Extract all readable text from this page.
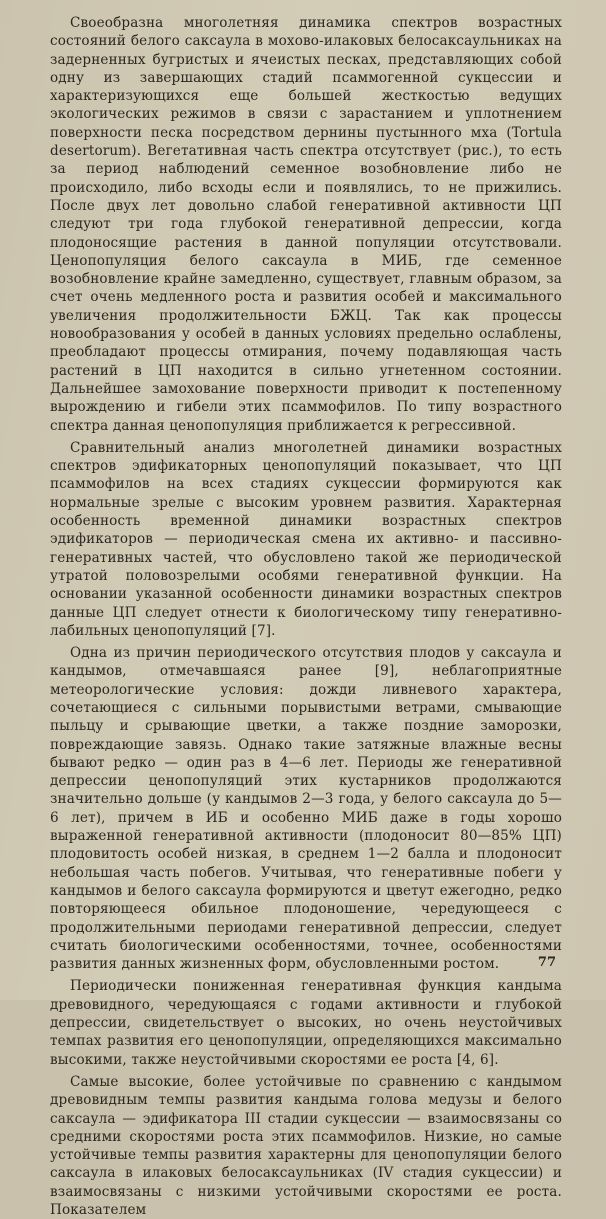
Своеобразна многолетняя динамика спектров возрастных состояний белого саксаула в мохово-илаковых белосаксаульниках на задерненных бугристых и ячеистых песках, представляющих собой одну из завершающих стадий псаммогенной сукцессии и характеризующихся еще большей жесткостью ведущих экологических режимов в связи с зарастанием и уплотнением поверхности песка посредством дернины пустынного мха (Tortula desertorum). Вегетативная часть спектра отсутствует (рис.), то есть за период наблюдений семенное возобновление либо не происходило, либо всходы если и появлялись, то не прижились. После двух лет довольно слабой генеративной активности ЦП следуют три года глубокой генеративной депрессии, когда плодоносящие растения в данной популяции отсутствовали. Ценопопуляция белого саксаула в МИБ, где семенное возобновление крайне замедленно, существует, главным образом, за счет очень медленного роста и развития особей и максимального увеличения продолжительности БЖЦ. Так как процессы новообразования у особей в данных условиях предельно ослаблены, преобладают процессы отмирания, почему подавляющая часть растений в ЦП находится в сильно угнетенном состоянии. Дальнейшее замохование поверхности приводит к постепенному вырождению и гибели этих псаммофилов. По типу возрастного спектра данная ценопопуляция приближается к регрессивной.

Сравнительный анализ многолетней динамики возрастных спектров эдификаторных ценопопуляций показывает, что ЦП псаммофилов на всех стадиях сукцессии формируются как нормальные зрелые с высоким уровнем развития. Характерная особенность временной динамики возрастных спектров эдификаторов — периодическая смена их активно- и пассивно-генеративных частей, что обусловлено такой же периодической утратой половозрелыми особями генеративной функции. На основании указанной особенности динамики возрастных спектров данные ЦП следует отнести к биологическому типу генеративно-лабильных ценопопуляций [7].

Одна из причин периодического отсутствия плодов у саксаула и кандымов, отмечавшаяся ранее [9], неблагоприятные метеорологические условия: дожди ливневого характера, сочетающиеся с сильными порывистыми ветрами, смывающие пыльцу и срывающие цветки, а также поздние заморозки, повреждающие завязь. Однако такие затяжные влажные весны бывают редко — один раз в 4—6 лет. Периоды же генеративной депрессии ценопопуляций этих кустарников продолжаются значительно дольше (у кандымов 2—3 года, у белого саксаула до 5—6 лет), причем в ИБ и особенно МИБ даже в годы хорошо выраженной генеративной активности (плодоносит 80—85% ЦП) плодовитость особей низкая, в среднем 1—2 балла и плодоносит небольшая часть побегов. Учитывая, что генеративные побеги у кандымов и белого саксаула формируются и цветут ежегодно, редко повторяющееся обильное плодоношение, чередующееся с продолжительными периодами генеративной депрессии, следует считать биологическими особенностями, точнее, особенностями развития данных жизненных форм, обусловленными ростом.

Периодически пониженная генеративная функция кандыма древовидного, чередующаяся с годами активности и глубокой депрессии, свидетельствует о высоких, но очень неустойчивых темпах развития его ценопопуляции, определяющихся максимально высокими, также неустойчивыми скоростями ее роста [4, 6].

Самые высокие, более устойчивые по сравнению с кандымом древовидным темпы развития кандыма голова медузы и белого саксаула — эдификатора III стадии сукцессии — взаимосвязаны со средними скоростями роста этих псаммофилов. Низкие, но самые устойчивые темпы развития характерны для ценопопуляции белого саксаула в илаковых белосаксаульниках (IV стадия сукцессии) и взаимосвязаны с низкими устойчивыми скоростями ее роста. Показателем

77
